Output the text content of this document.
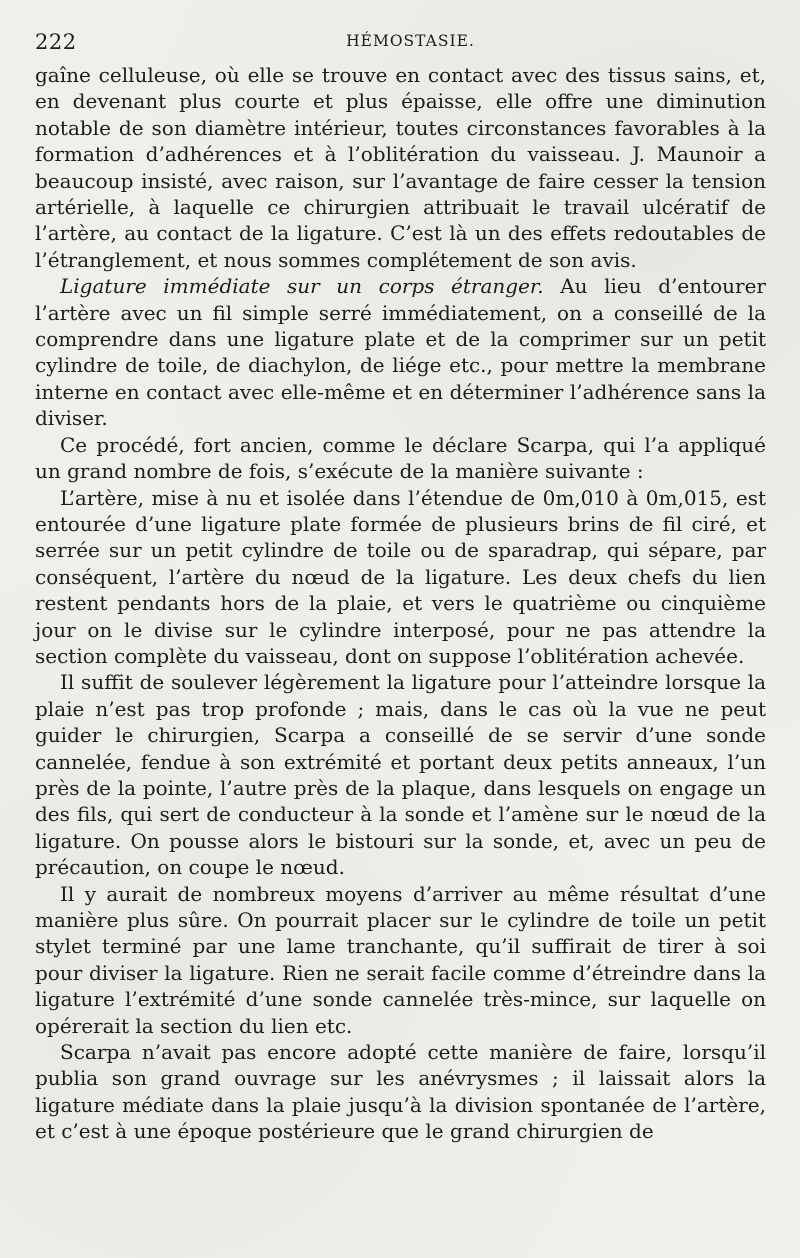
222	HÉMOSTASIE.

gaîne celluleuse, où elle se trouve en contact avec des tissus sains, et, en devenant plus courte et plus épaisse, elle offre une diminution notable de son diamètre intérieur, toutes circonstances favorables à la formation d’adhérences et à l’oblitération du vaisseau. J. Maunoir a beaucoup insisté, avec raison, sur l’avantage de faire cesser la tension artérielle, à laquelle ce chirurgien attribuait le travail ulcératif de l’artère, au contact de la ligature. C’est là un des effets redoutables de l’étranglement, et nous sommes complétement de son avis.

Ligature immédiate sur un corps étranger. Au lieu d’entourer l’artère avec un fil simple serré immédiatement, on a conseillé de la comprendre dans une ligature plate et de la comprimer sur un petit cylindre de toile, de diachylon, de liége etc., pour mettre la membrane interne en contact avec elle-même et en déterminer l’adhérence sans la diviser.

Ce procédé, fort ancien, comme le déclare Scarpa, qui l’a appliqué un grand nombre de fois, s’exécute de la manière suivante :

L’artère, mise à nu et isolée dans l’étendue de 0m,010 à 0m,015, est entourée d’une ligature plate formée de plusieurs brins de fil ciré, et serrée sur un petit cylindre de toile ou de sparadrap, qui sépare, par conséquent, l’artère du nœud de la ligature. Les deux chefs du lien restent pendants hors de la plaie, et vers le quatrième ou cinquième jour on le divise sur le cylindre interposé, pour ne pas attendre la section complète du vaisseau, dont on suppose l’oblitération achevée.

Il suffit de soulever légèrement la ligature pour l’atteindre lorsque la plaie n’est pas trop profonde ; mais, dans le cas où la vue ne peut guider le chirurgien, Scarpa a conseillé de se servir d’une sonde cannelée, fendue à son extrémité et portant deux petits anneaux, l’un près de la pointe, l’autre près de la plaque, dans lesquels on engage un des fils, qui sert de conducteur à la sonde et l’amène sur le nœud de la ligature. On pousse alors le bistouri sur la sonde, et, avec un peu de précaution, on coupe le nœud.

Il y aurait de nombreux moyens d’arriver au même résultat d’une manière plus sûre. On pourrait placer sur le cylindre de toile un petit stylet terminé par une lame tranchante, qu’il suffirait de tirer à soi pour diviser la ligature. Rien ne serait facile comme d’étreindre dans la ligature l’extrémité d’une sonde cannelée très-mince, sur laquelle on opérerait la section du lien etc.

Scarpa n’avait pas encore adopté cette manière de faire, lorsqu’il publia son grand ouvrage sur les anévrysmes ; il laissait alors la ligature médiate dans la plaie jusqu’à la division spontanée de l’artère, et c’est à une époque postérieure que le grand chirurgien de
